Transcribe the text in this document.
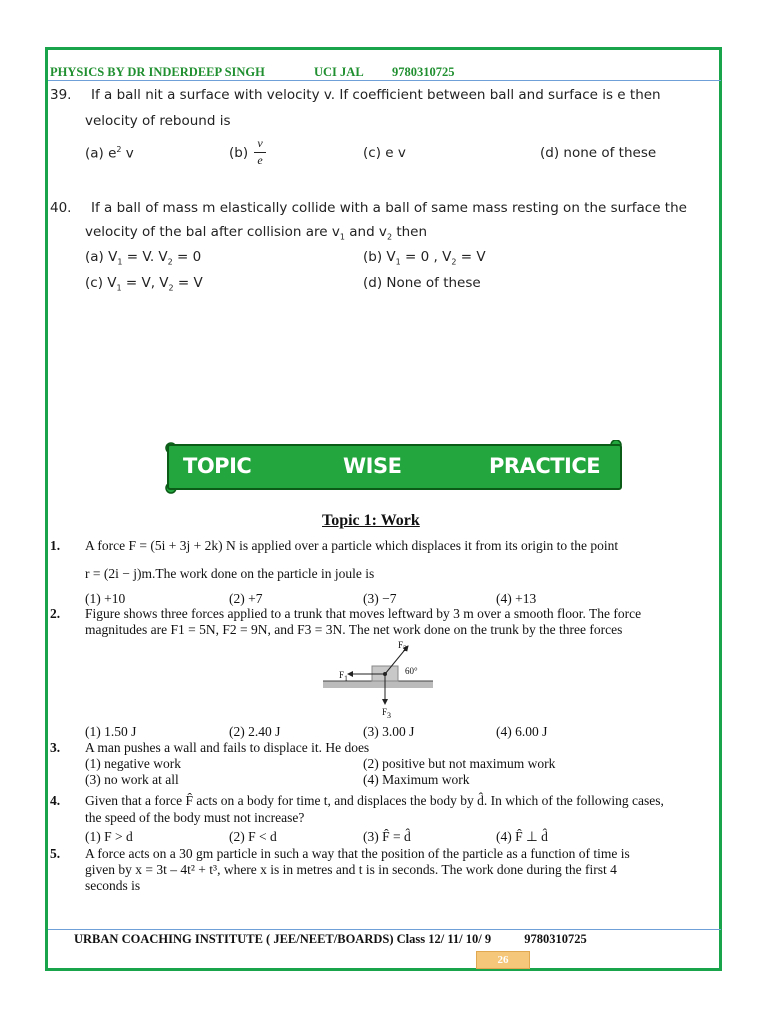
PHYSICS BY DR INDERDEEP SINGH	UCI JAL 9780310725
39. If a ball nit a surface with velocity v. If coefficient between ball and surface is e then
velocity of rebound is
(a) $e^2$ v	(b)
v
e	(c) e v	(d) none of these
40. If a ball of mass m elastically collide with a ball of same mass resting on the surface the
velocity of the bal after collision are $v_1$ and $v_2$ then
(a) $V_1 = V$. $V_2 = 0$	(b) $V_1 = 0$ , $V_2 = V$
(c) $V_1 = V$, $V_2 = V$	(d) None of these
TOPIC	WISE	PRACTICE
Topic 1: Work
1. A force F = (5i + 3j + 2k) N is applied over a particle which displaces it from its origin to the point
r = (2i − j)m.The work done on the particle in joule is
(1) +10	(2) +7	(3) −7	(4) +13
2. Figure shows three forces applied to a trunk that moves leftward by 3 m over a smooth floor. The force
magnitudes are F1 = 5N, F2 = 9N, and F3 = 3N. The net work done on the trunk by the three forces
$F_1$
$F_2$
$F_3$
60°
(1) 1.50 J	(2) 2.40 J	(3) 3.00 J	(4) 6.00 J
3. A man pushes a wall and fails to displace it. He does
(1) negative work	(2) positive but not maximum work
(3) no work at all	(4) Maximum work
4. Given that a force F̂ acts on a body for time t, and displaces the body by d̂. In which of the following cases,
the speed of the body must not increase?
(1) F > d	(2) F < d	(3) F̂ = d̂	(4) F̂ ⊥ d̂
5. A force acts on a 30 gm particle in such a way that the position of the particle as a function of time is
given by x = 3t – 4t² + t³, where x is in metres and t is in seconds. The work done during the first 4
seconds is
URBAN COACHING INSTITUTE ( JEE/NEET/BOARDS) Class 12/ 11/ 10/ 9	9780310725
26
